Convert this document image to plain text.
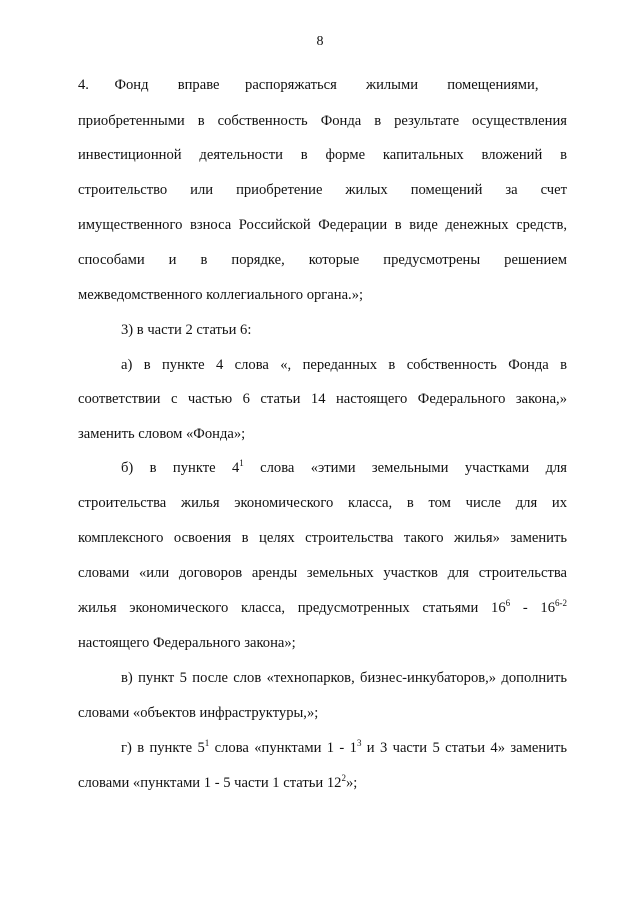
8
4.       Фонд        вправе       распоряжаться        жилыми        помещениями,
приобретенными в собственность Фонда в результате осуществления
инвестиционной деятельности в форме капитальных вложений в
строительство или приобретение жилых помещений за счет
имущественного взноса Российской Федерации в виде денежных средств,
способами и в порядке, которые предусмотрены решением
межведомственного коллегиального органа.»;
3) в части 2 статьи 6:
а) в пункте 4 слова «, переданных в собственность Фонда в
соответствии с частью 6 статьи 14 настоящего Федерального закона,»
заменить словом «Фонда»;
б) в пункте $4^1$ слова «этими земельными участками для
строительства жилья экономического класса, в том числе для их
комплексного освоения в целях строительства такого жилья» заменить
словами «или договоров аренды земельных участков для строительства
жилья экономического класса, предусмотренных статьями $16^6 - 16^{6-2}$
настоящего Федерального закона»;
в) пункт 5 после слов «технопарков, бизнес-инкубаторов,» дополнить
словами «объектов инфраструктуры,»;
г) в пункте $5^1$ слова «пунктами $1 - 1^3$ и 3 части 5 статьи 4» заменить
словами «пунктами 1 - 5 части 1 статьи $12^2$»;
